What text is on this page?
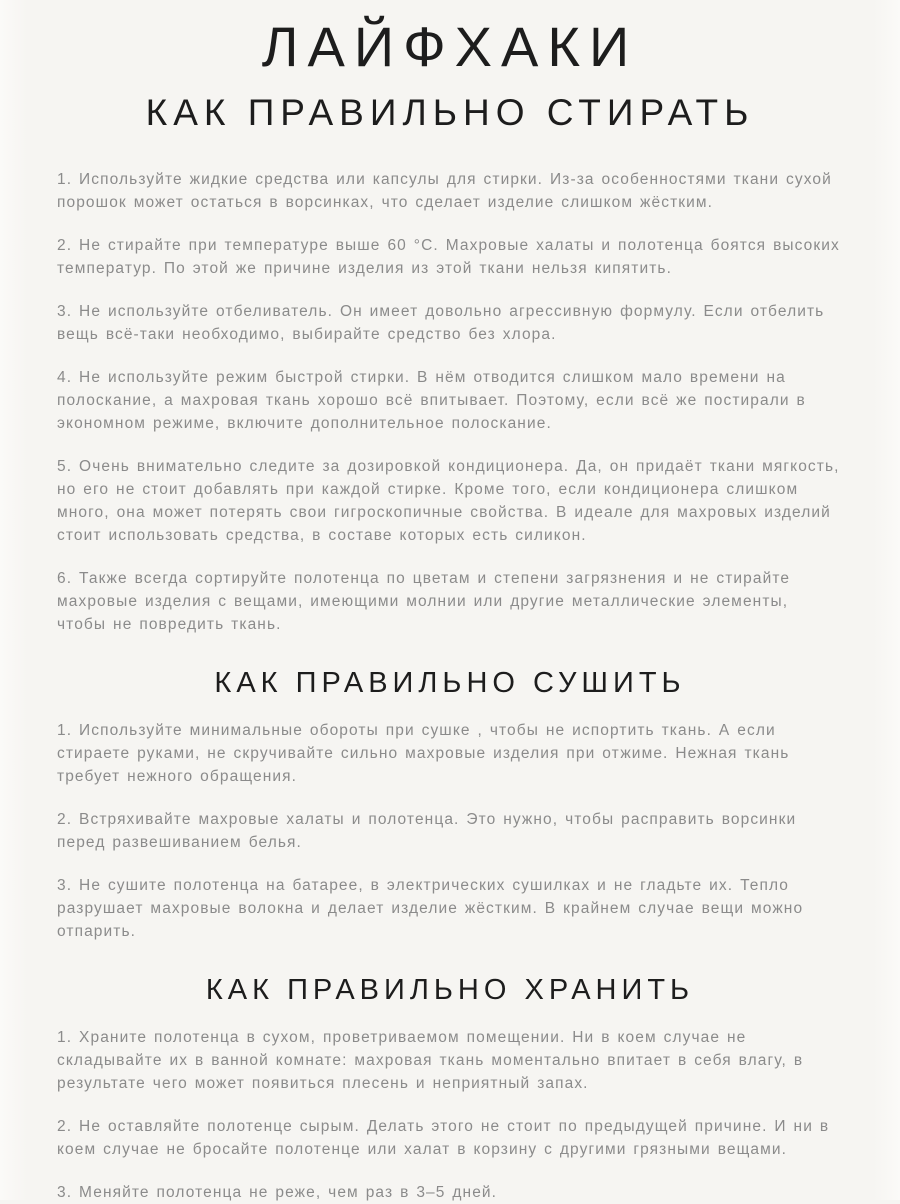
ЛАЙФХАКИ
КАК ПРАВИЛЬНО СТИРАТЬ

1. Используйте жидкие средства или капсулы для стирки. Из-за особенностями ткани сухой порошок может остаться в ворсинках, что сделает изделие слишком жёстким.

2. Не стирайте при температуре выше 60 °C. Махровые халаты и полотенца боятся высоких температур. По этой же причине изделия из этой ткани нельзя кипятить.

3. Не используйте отбеливатель. Он имеет довольно агрессивную формулу. Если отбелить вещь всё-таки необходимо, выбирайте средство без хлора.

4. Не используйте режим быстрой стирки. В нём отводится слишком мало времени на полоскание, а махровая ткань хорошо всё впитывает. Поэтому, если всё же постирали в экономном режиме, включите дополнительное полоскание.

5. Очень внимательно следите за дозировкой кондиционера. Да, он придаёт ткани мягкость, но его не стоит добавлять при каждой стирке. Кроме того, если кондиционера слишком много, она может потерять свои гигроскопичные свойства. В идеале для махровых изделий стоит использовать средства, в составе которых есть силикон.

6. Также всегда сортируйте полотенца по цветам и степени загрязнения и не стирайте махровые изделия с вещами, имеющими молнии или другие металлические элементы, чтобы не повредить ткань.

КАК ПРАВИЛЬНО СУШИТЬ

1. Используйте минимальные обороты при сушке , чтобы не испортить ткань. А если стираете руками, не скручивайте сильно махровые изделия при отжиме. Нежная ткань требует нежного обращения.

2. Встряхивайте махровые халаты и полотенца. Это нужно, чтобы расправить ворсинки перед развешиванием белья.

3. Не сушите полотенца на батарее, в электрических сушилках и не гладьте их. Тепло разрушает махровые волокна и делает изделие жёстким. В крайнем случае вещи можно отпарить.

КАК ПРАВИЛЬНО ХРАНИТЬ

1. Храните полотенца в сухом, проветриваемом помещении. Ни в коем случае не складывайте их в ванной комнате: махровая ткань моментально впитает в себя влагу, в результате чего может появиться плесень и неприятный запах.

2. Не оставляйте полотенце сырым. Делать этого не стоит по предыдущей причине. И ни в коем случае не бросайте полотенце или халат в корзину с другими грязными вещами.

3. Меняйте полотенца не реже, чем раз в 3–5 дней.
